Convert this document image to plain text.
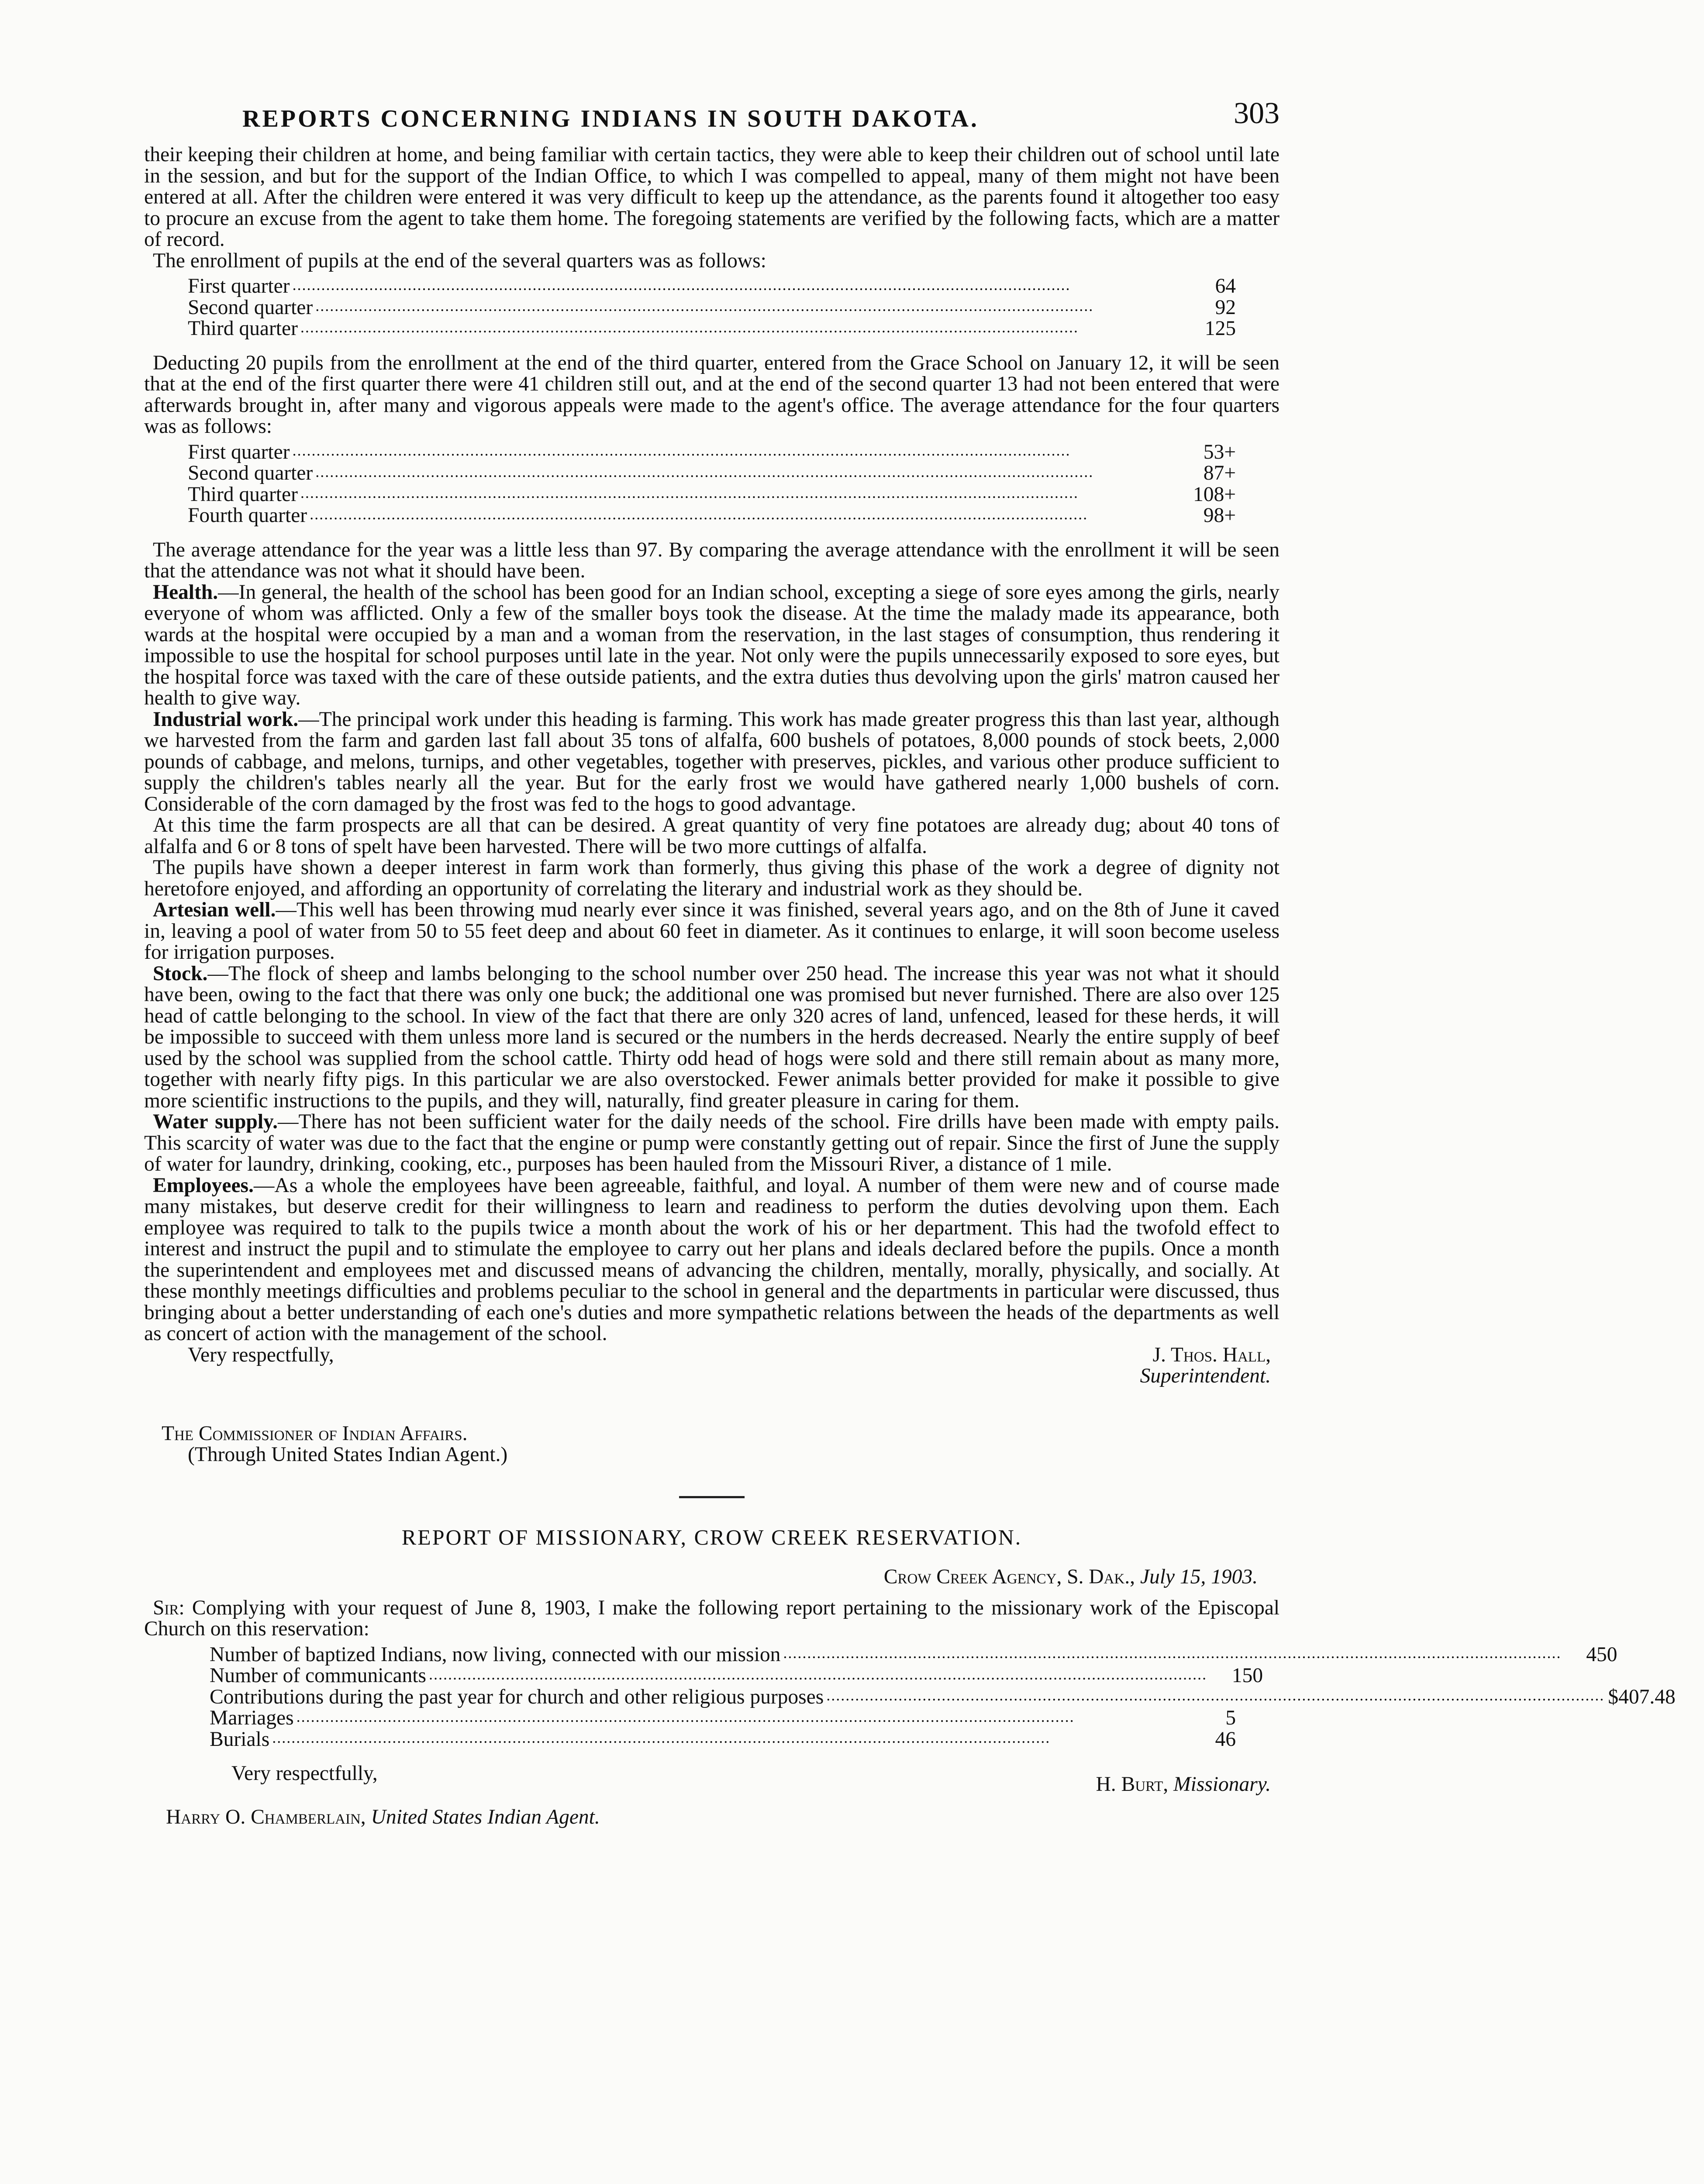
REPORTS CONCERNING INDIANS IN SOUTH DAKOTA.	303

their keeping their children at home, and being familiar with certain tactics, they were able to keep their children out of school until late in the session, and but for the support of the Indian Office, to which I was compelled to appeal, many of them might not have been entered at all. After the children were entered it was very difficult to keep up the attendance, as the parents found it altogether too easy to procure an excuse from the agent to take them home. The foregoing statements are verified by the following facts, which are a matter of record.

The enrollment of pupils at the end of the several quarters was as follows:

First quarter ..................................................................................................................................................................	64
Second quarter ..................................................................................................................................................................	92
Third quarter ..................................................................................................................................................................	125

Deducting 20 pupils from the enrollment at the end of the third quarter, entered from the Grace School on January 12, it will be seen that at the end of the first quarter there were 41 children still out, and at the end of the second quarter 13 had not been entered that were afterwards brought in, after many and vigorous appeals were made to the agent's office. The average attendance for the four quarters was as follows:

First quarter ..................................................................................................................................................................	53+
Second quarter ..................................................................................................................................................................	87+
Third quarter ..................................................................................................................................................................	108+
Fourth quarter ..................................................................................................................................................................	98+

The average attendance for the year was a little less than 97. By comparing the average attendance with the enrollment it will be seen that the attendance was not what it should have been.

Health.—In general, the health of the school has been good for an Indian school, excepting a siege of sore eyes among the girls, nearly everyone of whom was afflicted. Only a few of the smaller boys took the disease. At the time the malady made its appearance, both wards at the hospital were occupied by a man and a woman from the reservation, in the last stages of consumption, thus rendering it impossible to use the hospital for school purposes until late in the year. Not only were the pupils unnecessarily exposed to sore eyes, but the hospital force was taxed with the care of these outside patients, and the extra duties thus devolving upon the girls' matron caused her health to give way.

Industrial work.—The principal work under this heading is farming. This work has made greater progress this than last year, although we harvested from the farm and garden last fall about 35 tons of alfalfa, 600 bushels of potatoes, 8,000 pounds of stock beets, 2,000 pounds of cabbage, and melons, turnips, and other vegetables, together with preserves, pickles, and various other produce sufficient to supply the children's tables nearly all the year. But for the early frost we would have gathered nearly 1,000 bushels of corn. Considerable of the corn damaged by the frost was fed to the hogs to good advantage.

At this time the farm prospects are all that can be desired. A great quantity of very fine potatoes are already dug; about 40 tons of alfalfa and 6 or 8 tons of spelt have been harvested. There will be two more cuttings of alfalfa.

The pupils have shown a deeper interest in farm work than formerly, thus giving this phase of the work a degree of dignity not heretofore enjoyed, and affording an opportunity of correlating the literary and industrial work as they should be.

Artesian well.—This well has been throwing mud nearly ever since it was finished, several years ago, and on the 8th of June it caved in, leaving a pool of water from 50 to 55 feet deep and about 60 feet in diameter. As it continues to enlarge, it will soon become useless for irrigation purposes.

Stock.—The flock of sheep and lambs belonging to the school number over 250 head. The increase this year was not what it should have been, owing to the fact that there was only one buck; the additional one was promised but never furnished. There are also over 125 head of cattle belonging to the school. In view of the fact that there are only 320 acres of land, unfenced, leased for these herds, it will be impossible to succeed with them unless more land is secured or the numbers in the herds decreased. Nearly the entire supply of beef used by the school was supplied from the school cattle. Thirty odd head of hogs were sold and there still remain about as many more, together with nearly fifty pigs. In this particular we are also overstocked. Fewer animals better provided for make it possible to give more scientific instructions to the pupils, and they will, naturally, find greater pleasure in caring for them.

Water supply.—There has not been sufficient water for the daily needs of the school. Fire drills have been made with empty pails. This scarcity of water was due to the fact that the engine or pump were constantly getting out of repair. Since the first of June the supply of water for laundry, drinking, cooking, etc., purposes has been hauled from the Missouri River, a distance of 1 mile.

Employees.—As a whole the employees have been agreeable, faithful, and loyal. A number of them were new and of course made many mistakes, but deserve credit for their willingness to learn and readiness to perform the duties devolving upon them. Each employee was required to talk to the pupils twice a month about the work of his or her department. This had the twofold effect to interest and instruct the pupil and to stimulate the employee to carry out her plans and ideals declared before the pupils. Once a month the superintendent and employees met and discussed means of advancing the children, mentally, morally, physically, and socially. At these monthly meetings difficulties and problems peculiar to the school in general and the departments in particular were discussed, thus bringing about a better understanding of each one's duties and more sympathetic relations between the heads of the departments as well as concert of action with the management of the school.

Very respectfully,	J. Thos. Hall,
Superintendent.
The Commissioner of Indian Affairs.
(Through United States Indian Agent.)
REPORT OF MISSIONARY, CROW CREEK RESERVATION.
Crow Creek Agency, S. Dak., July 15, 1903.

Sir: Complying with your request of June 8, 1903, I make the following report pertaining to the missionary work of the Episcopal Church on this reservation:

Number of baptized Indians, now living, connected with our mission ..................................................................................................................................................................	450
Number of communicants ..................................................................................................................................................................	150
Contributions during the past year for church and other religious purposes .................................................................................................................................................................. $407.48
Marriages ..................................................................................................................................................................	5
Burials ..................................................................................................................................................................	46
Very respectfully,	H. Burt, Missionary.
Harry O. Chamberlain, United States Indian Agent.
